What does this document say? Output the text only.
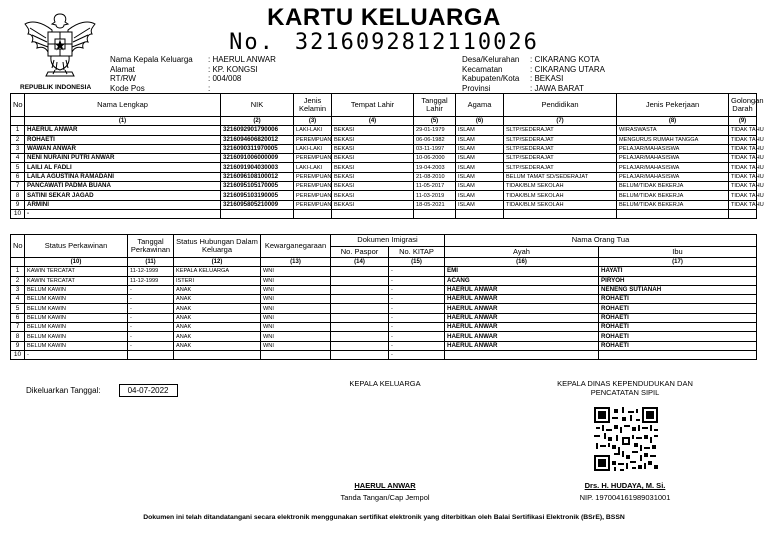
KARTU KELUARGA
No. 3216092812110026
REPUBLIK INDONESIA
Nama Kepala Keluarga : HAERUL ANWAR
Alamat	: KP. KONGSI
RT/RW	: 004/008
Kode Pos	:
Desa/Kelurahan : CIKARANG KOTA
Kecamatan	: CIKARANG UTARA
Kabupaten/Kota : BEKASI
Provinsi	: JAWA BARAT
No	Nama Lengkap	NIK	Jenis Kelamin	Tempat Lahir	Tanggal Lahir	Agama	Pendidikan	Jenis Pekerjaan	Golongan Darah
	(1)	(2)	(3)	(4)	(5)	(6)	(7)	(8)	(9)
1	HAERUL ANWAR	3216092901790006	LAKI-LAKI	BEKASI	29-01-1979	ISLAM	SLTP/SEDERAJAT	WIRASWASTA	TIDAK TAHU
2	ROHAETI	3216094606820012	PEREMPUAN	BEKASI	06-06-1982	ISLAM	SLTP/SEDERAJAT	MENGURUS RUMAH TANGGA	TIDAK TAHU
3	WAWAN ANWAR	3216090311970005	LAKI-LAKI	BEKASI	03-11-1997	ISLAM	SLTP/SEDERAJAT	PELAJAR/MAHASISWA	TIDAK TAHU
4	NENI NURAINI PUTRI ANWAR	3216091006000009	PEREMPUAN	BEKASI	10-06-2000	ISLAM	SLTP/SEDERAJAT	PELAJAR/MAHASISWA	TIDAK TAHU
5	LAILI AL FADLI	3216091904030003	LAKI-LAKI	BEKASI	19-04-2003	ISLAM	SLTP/SEDERAJAT	PELAJAR/MAHASISWA	TIDAK TAHU
6	LAILA AGUSTINA RAMADANI	3216096108100012	PEREMPUAN	BEKASI	21-08-2010	ISLAM	BELUM TAMAT SD/SEDERAJAT	PELAJAR/MAHASISWA	TIDAK TAHU
7	PANCAWATI PADMA BUANA	3216095105170005	PEREMPUAN	BEKASI	11-05-2017	ISLAM	TIDAK/BLM SEKOLAH	BELUM/TIDAK BEKERJA	TIDAK TAHU
8	SATINI SEKAR JAGAD	3216095103190005	PEREMPUAN	BEKASI	11-03-2019	ISLAM	TIDAK/BLM SEKOLAH	BELUM/TIDAK BEKERJA	TIDAK TAHU
9	ARMINI	3216095805210009	PEREMPUAN	BEKASI	18-05-2021	ISLAM	TIDAK/BLM SEKOLAH	BELUM/TIDAK BEKERJA	TIDAK TAHU
10	-								
No	Status Perkawinan	Tanggal Perkawinan	Status Hubungan Dalam Keluarga	Kewarganegaraan	Dokumen Imigrasi		Nama Orang Tua	
					No. Paspor	No. KITAP	Ayah	Ibu
	(10)	(11)	(12)	(13)	(14)	(15)	(16)	(17)
1	KAWIN TERCATAT	11-12-1999	KEPALA KELUARGA	WNI		-	EMI	HAYATI
2	KAWIN TERCATAT	11-12-1999	ISTERI	WNI		-	ACANG	PIRYOH
3	BELUM KAWIN	-	ANAK	WNI		-	HAERUL ANWAR	NENENG SUTIANAH
4	BELUM KAWIN	-	ANAK	WNI		-	HAERUL ANWAR	ROHAETI
5	BELUM KAWIN	-	ANAK	WNI		-	HAERUL ANWAR	ROHAETI
6	BELUM KAWIN	-	ANAK	WNI		-	HAERUL ANWAR	ROHAETI
7	BELUM KAWIN	-	ANAK	WNI		-	HAERUL ANWAR	ROHAETI
8	BELUM KAWIN	-	ANAK	WNI		-	HAERUL ANWAR	ROHAETI
9	BELUM KAWIN	-	ANAK	WNI		-	HAERUL ANWAR	ROHAETI
10	-					-		
Dikeluarkan Tanggal:	04-07-2022
KEPALA KELUARGA	KEPALA DINAS KEPENDUDUKAN DAN
PENCATATAN SIPIL
HAERUL ANWAR
Tanda Tangan/Cap Jempol
Drs. H. HUDAYA, M. Si.
NIP. 197004161989031001
Dokumen ini telah ditandatangani secara elektronik menggunakan sertifikat elektronik yang diterbitkan oleh Balai Sertifikasi Elektronik (BSrE), BSSN
